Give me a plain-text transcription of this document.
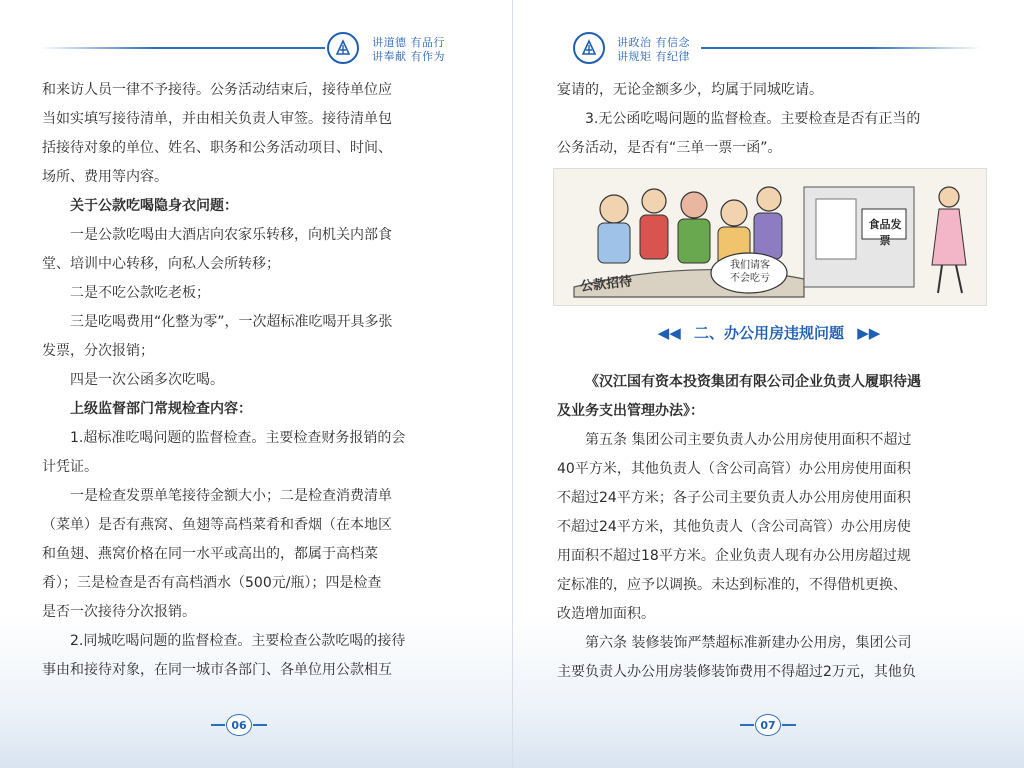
讲道德 有品行
讲奉献 有作为

和来访人员一律不予接待。公务活动结束后，接待单位应

当如实填写接待清单，并由相关负责人审签。接待清单包

括接待对象的单位、姓名、职务和公务活动项目、时间、

场所、费用等内容。

关于公款吃喝隐身衣问题：

一是公款吃喝由大酒店向农家乐转移，向机关内部食

堂、培训中心转移，向私人会所转移；

二是不吃公款吃老板；

三是吃喝费用“化整为零”，一次超标准吃喝开具多张

发票，分次报销；

四是一次公函多次吃喝。

上级监督部门常规检查内容：

1.超标准吃喝问题的监督检查。主要检查财务报销的会

计凭证。

一是检查发票单笔接待金额大小；二是检查消费清单

（菜单）是否有燕窝、鱼翅等高档菜肴和香烟（在本地区

和鱼翅、燕窝价格在同一水平或高出的，都属于高档菜

肴）；三是检查是否有高档酒水（500元/瓶）；四是检查

是否一次接待分次报销。

2.同城吃喝问题的监督检查。主要检查公款吃喝的接待

事由和接待对象，在同一城市各部门、各单位用公款相互

06
讲政治 有信念
讲规矩 有纪律

宴请的，无论金额多少，均属于同城吃请。

3.无公函吃喝问题的监督检查。主要检查是否有正当的

公务活动，是否有“三单一票一函”。

公款招待
我们请客
不会吃亏
食品发票
◀◀ 二、办公用房违规问题 ▶▶

《汉江国有资本投资集团有限公司企业负责人履职待遇

及业务支出管理办法》：

第五条 集团公司主要负责人办公用房使用面积不超过

40平方米，其他负责人（含公司高管）办公用房使用面积

不超过24平方米；各子公司主要负责人办公用房使用面积

不超过24平方米，其他负责人（含公司高管）办公用房使

用面积不超过18平方米。企业负责人现有办公用房超过规

定标准的，应予以调换。未达到标准的，不得借机更换、

改造增加面积。

第六条 装修装饰严禁超标准新建办公用房，集团公司

主要负责人办公用房装修装饰费用不得超过2万元，其他负

07
